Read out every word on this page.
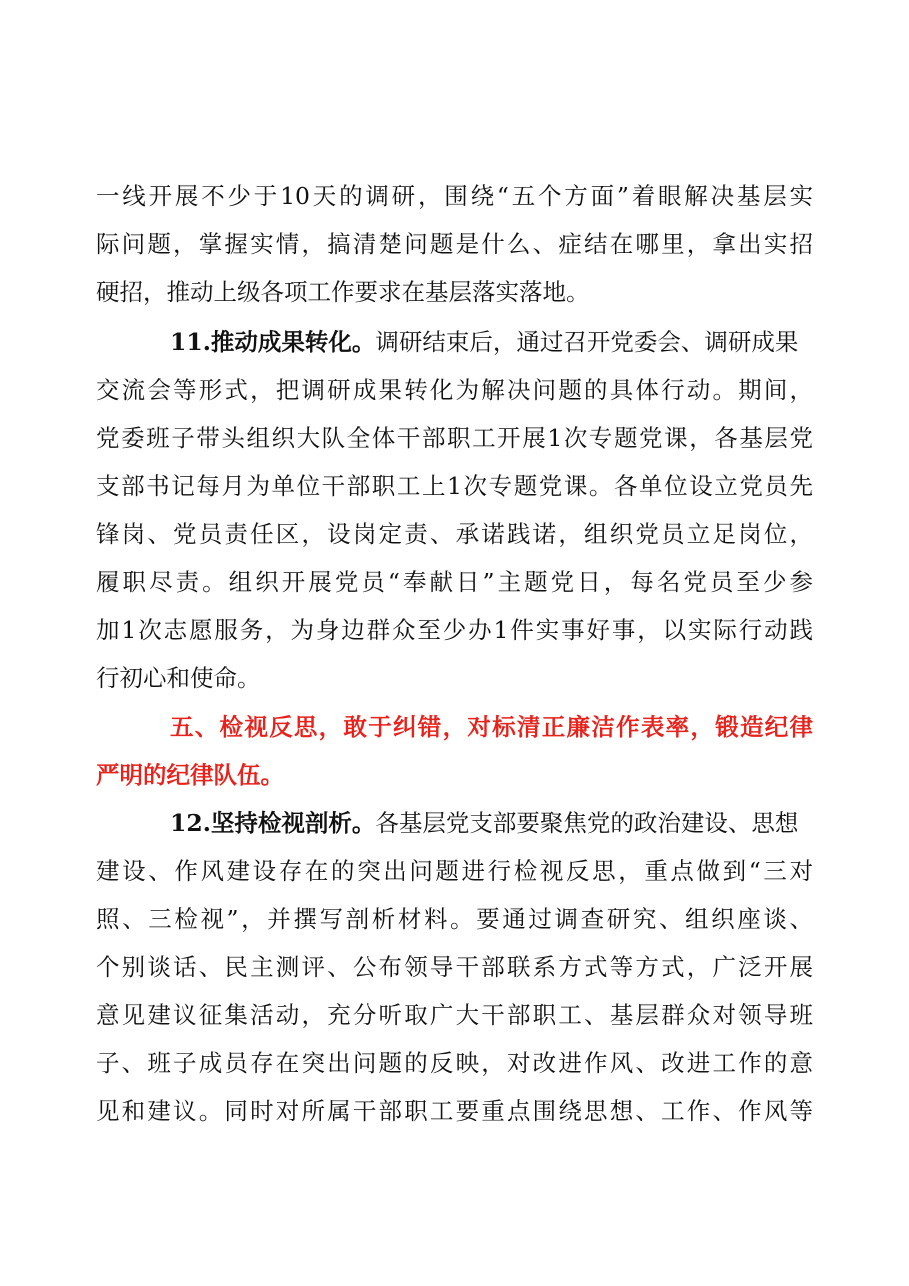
一线开展不少于10天的调研，围绕“五个方面”着眼解决基层实
际问题，掌握实情，搞清楚问题是什么、症结在哪里，拿出实招
硬招，推动上级各项工作要求在基层落实落地。
11.推动成果转化。调研结束后，通过召开党委会、调研成果
交流会等形式，把调研成果转化为解决问题的具体行动。期间，
党委班子带头组织大队全体干部职工开展1次专题党课，各基层党
支部书记每月为单位干部职工上1次专题党课。各单位设立党员先
锋岗、党员责任区，设岗定责、承诺践诺，组织党员立足岗位，
履职尽责。组织开展党员“奉献日”主题党日，每名党员至少参
加1次志愿服务，为身边群众至少办1件实事好事，以实际行动践
行初心和使命。
五、检视反思，敢于纠错，对标清正廉洁作表率，锻造纪律
严明的纪律队伍。
12.坚持检视剖析。各基层党支部要聚焦党的政治建设、思想
建设、作风建设存在的突出问题进行检视反思，重点做到“三对
照、三检视”，并撰写剖析材料。要通过调查研究、组织座谈、
个别谈话、民主测评、公布领导干部联系方式等方式，广泛开展
意见建议征集活动，充分听取广大干部职工、基层群众对领导班
子、班子成员存在突出问题的反映，对改进作风、改进工作的意
见和建议。同时对所属干部职工要重点围绕思想、工作、作风等
